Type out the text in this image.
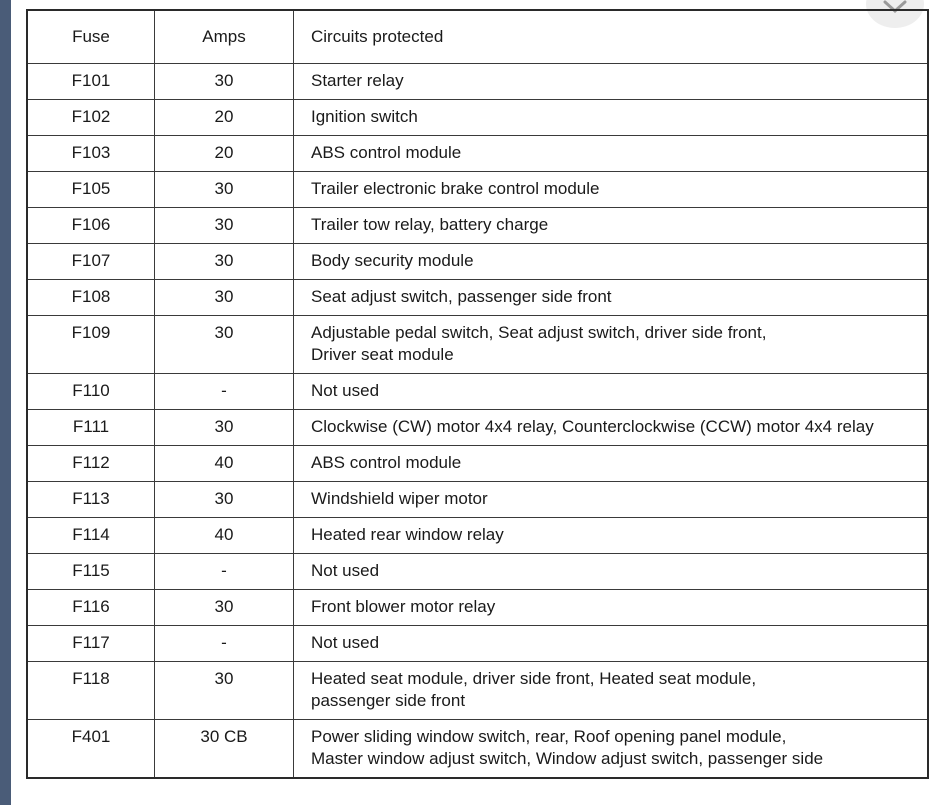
Fuse	Amps	Circuits protected
F101	30	Starter relay

F102	20	Ignition switch

F103	20	ABS control module

F105	30	Trailer electronic brake control module

F106	30	Trailer tow relay, battery charge

F107	30	Body security module

F108	30	Seat adjust switch, passenger side front

F109	30	Adjustable pedal switch, Seat adjust switch, driver side front,
Driver seat module

F110	-	Not used

F111	30	Clockwise (CW) motor 4x4 relay, Counterclockwise (CCW) motor 4x4 relay

F112	40	ABS control module

F113	30	Windshield wiper motor

F114	40	Heated rear window relay

F115	-	Not used

F116	30	Front blower motor relay

F117	-	Not used

F118	30	Heated seat module, driver side front, Heated seat module,
passenger side front

F401	30 CB	Power sliding window switch, rear, Roof opening panel module,
Master window adjust switch, Window adjust switch, passenger side
